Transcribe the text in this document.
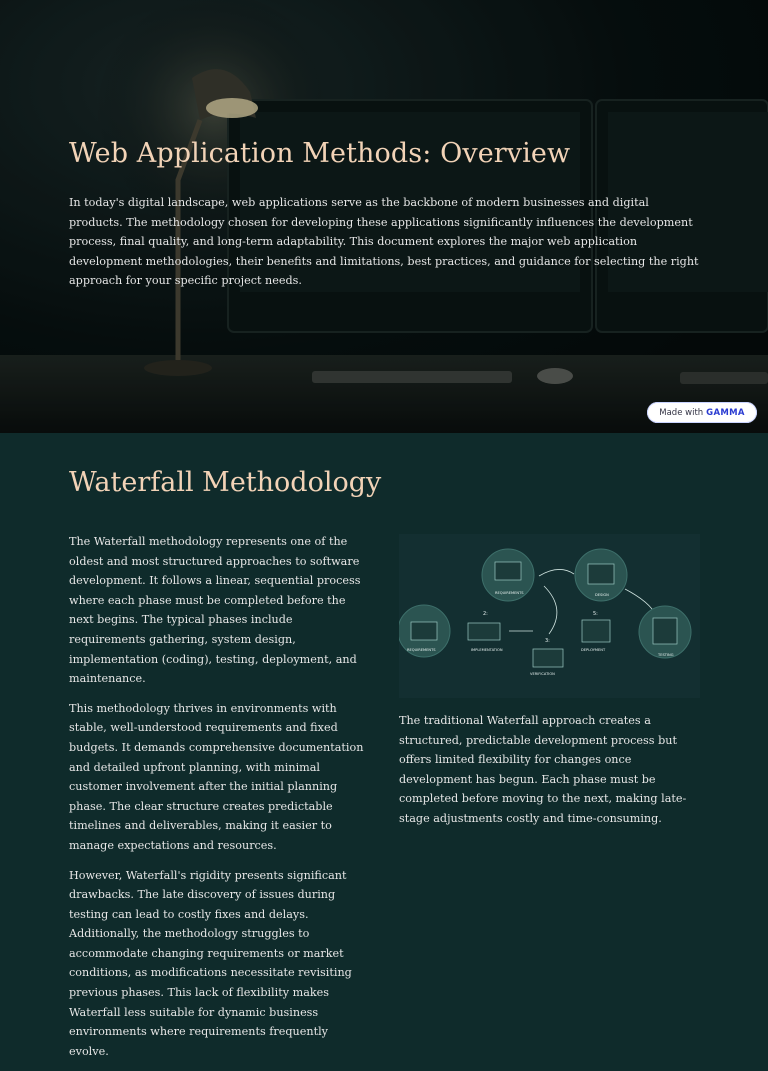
Web Application Methods: Overview

In today's digital landscape, web applications serve as the backbone of modern businesses and digital products. The methodology chosen for developing these applications significantly influences the development process, final quality, and long-term adaptability. This document explores the major web application development methodologies, their benefits and limitations, best practices, and guidance for selecting the right approach for your specific project needs.

Made with GAMMA
Waterfall Methodology

The Waterfall methodology represents one of the oldest and most structured approaches to software development. It follows a linear, sequential process where each phase must be completed before the next begins. The typical phases include requirements gathering, system design, implementation (coding), testing, deployment, and maintenance.

This methodology thrives in environments with stable, well-understood requirements and fixed budgets. It demands comprehensive documentation and detailed upfront planning, with minimal customer involvement after the initial planning phase. The clear structure creates predictable timelines and deliverables, making it easier to manage expectations and resources.

However, Waterfall's rigidity presents significant drawbacks. The late discovery of issues during testing can lead to costly fixes and delays. Additionally, the methodology struggles to accommodate changing requirements or market conditions, as modifications necessitate revisiting previous phases. This lack of flexibility makes Waterfall less suitable for dynamic business environments where requirements frequently evolve.

REQUIREMENTS
DESIGN
REQUIREMENTS
IMPLEMENTATION
VERIFICATION
DEPLOYMENT
TESTING
2:
3:
5:

The traditional Waterfall approach creates a structured, predictable development process but offers limited flexibility for changes once development has begun. Each phase must be completed before moving to the next, making late-stage adjustments costly and time-consuming.
